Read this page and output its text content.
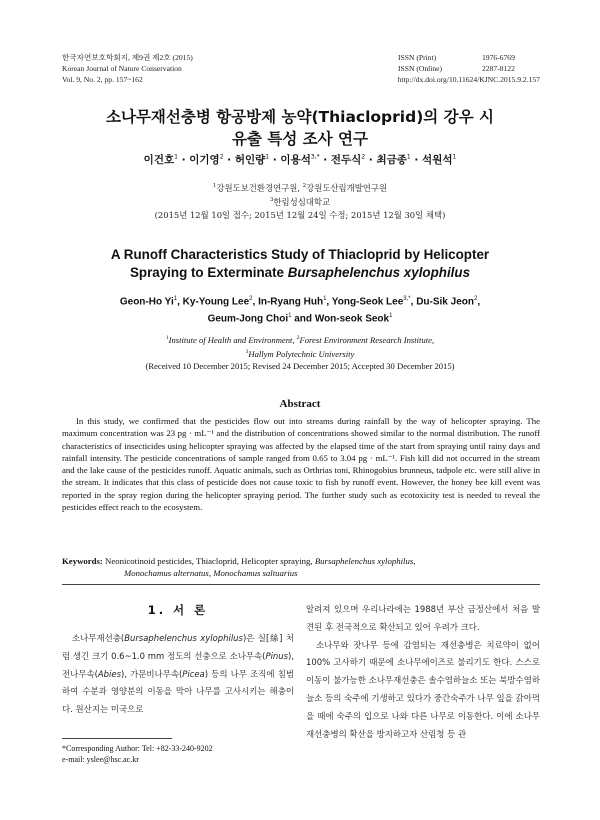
한국자연보호학회지, 제9권 제2호 (2015)
Korean Journal of Nature Conservation
Vol. 9, No. 2, pp. 157~162
ISSN (Print)	1976-6769
ISSN (Online)	2287-8122
http://dx.doi.org/10.11624/KJNC.2015.9.2.157
소나무재선충병 항공방제 농약(Thiacloprid)의 강우 시
유출 특성 조사 연구
이건호$^1$ · 이기영$^2$ · 허인량$^1$ · 이용석$^{3,*}$ · 전두식$^2$ · 최금종$^1$ · 석원석$^1$
$^1$강원도보건환경연구원, $^2$강원도산림개발연구원
$^3$한림성심대학교
(2015년 12월 10일 접수; 2015년 12월 24일 수정; 2015년 12월 30일 채택)
A Runoff Characteristics Study of Thiacloprid by Helicopter
Spraying to Exterminate Bursaphelenchus xylophilus
Geon-Ho Yi$^1$, Ky-Young Lee$^2$, In-Ryang Huh$^1$, Yong-Seok Lee$^{3,*}$, Du-Sik Jeon$^2$,
Geum-Jong Choi$^1$ and Won-seok Seok$^1$
$^1$Institute of Health and Environment, $^2$Forest Environment Research Institute,
$^3$Hallym Polytechnic University
(Received 10 December 2015; Revised 24 December 2015; Accepted 30 December 2015)
Abstract
In this study, we confirmed that the pesticides flow out into streams during rainfall by the way of helicopter spraying. The maximum concentration was 23 pg · mL⁻¹ and the distribution of concentrations showed similar to the normal distribution. The runoff characteristics of insecticides using helicopter spraying was affected by the elapsed time of the start from spraying until rainy days and rainfall intensity. The pesticide concentrations of sample ranged from 0.65 to 3.04 pg · mL⁻¹. Fish kill did not occurred in the stream and the lake cause of the pesticides runoff. Aquatic animals, such as Orthrias toni, Rhinogobius brunneus, tadpole etc. were still alive in the stream. It indicates that this class of pesticide does not cause toxic to fish by runoff event. However, the honey bee kill event was reported in the spray region during the helicopter spraying period. The further study such as ecotoxicity test is needed to reveal the pesticides effect reach to the ecosystem.
Keywords: Neonicotinoid pesticides, Thiacloprid, Helicopter spraying, Bursaphelenchus xylophilus,
Monochamus alternatus, Monochamus saltuarius
1. 서 론
소나무재선충(Bursaphelenchus xylophilus)은 실[絲] 처럼 생긴 크기 0.6~1.0 mm 정도의 선충으로 소나무속(Pinus), 전나무속(Abies), 가문비나무속(Picea) 등의 나무 조직에 침범하여 수분과 영양분의 이동을 막아 나무를 고사시키는 해충이다. 원산지는 미국으로
알려져 있으며 우리나라에는 1988년 부산 금정산에서 처음 발견된 후 전국적으로 확산되고 있어 우려가 크다.
소나무와 잣나무 등에 감염되는 재선충병은 치료약이 없어 100% 고사하기 때문에 소나무에이즈로 불리기도 한다. 스스로 이동이 불가능한 소나무재선충은 솔수염하늘소 또는 북방수염하늘소 등의 숙주에 기생하고 있다가 중간숙주가 나무 잎을 갉아먹을 때에 숙주의 입으로 나와 다른 나무로 이동한다. 이에 소나무재선충병의 확산을 방지하고자 산림청 등 관
*Corresponding Author: Tel: +82-33-240-9202
e-mail: yslee@hsc.ac.kr
